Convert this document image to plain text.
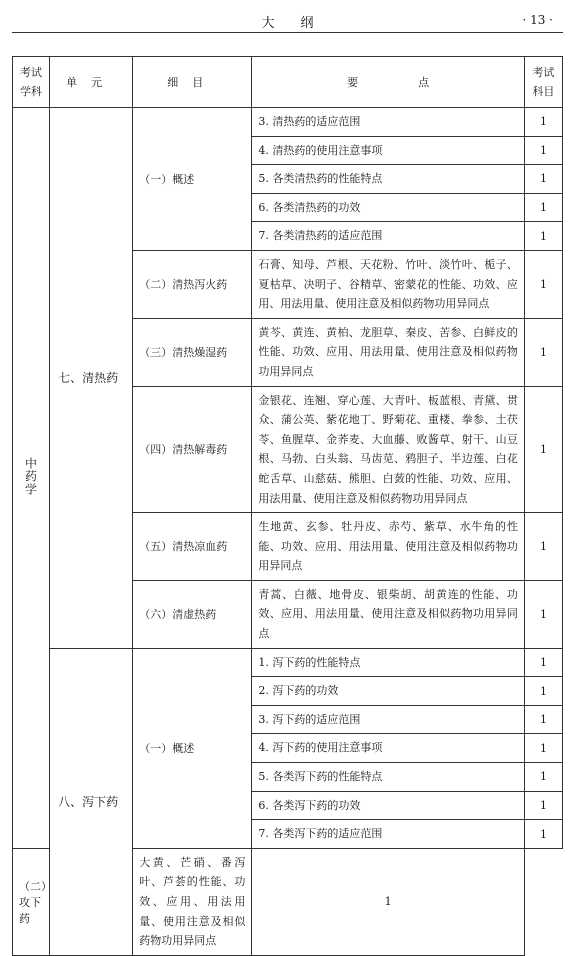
大纲	· 13 ·
考试学科	单元	细目	要点	考试科目
中药学	七、清热药	（一）概述	3. 清热药的适应范围	1
			4. 清热药的使用注意事项	1
			5. 各类清热药的性能特点	1
			6. 各类清热药的功效	1
			7. 各类清热药的适应范围	1
		（二）清热泻火药	石膏、知母、芦根、天花粉、竹叶、淡竹叶、栀子、夏枯草、决明子、谷精草、密蒙花的性能、功效、应用、用法用量、使用注意及相似药物功用异同点	1
		（三）清热燥湿药	黄芩、黄连、黄柏、龙胆草、秦皮、苦参、白鲜皮的性能、功效、应用、用法用量、使用注意及相似药物功用异同点	1
		（四）清热解毒药	金银花、连翘、穿心莲、大青叶、板蓝根、青黛、贯众、蒲公英、紫花地丁、野菊花、重楼、拳参、土茯苓、鱼腥草、金荞麦、大血藤、败酱草、射干、山豆根、马勃、白头翁、马齿苋、鸦胆子、半边莲、白花蛇舌草、山慈菇、熊胆、白蔹的性能、功效、应用、用法用量、使用注意及相似药物功用异同点	1
		（五）清热凉血药	生地黄、玄参、牡丹皮、赤芍、紫草、水牛角的性能、功效、应用、用法用量、使用注意及相似药物功用异同点	1
		（六）清虚热药	青蒿、白薇、地骨皮、银柴胡、胡黄连的性能、功效、应用、用法用量、使用注意及相似药物功用异同点	1
	八、泻下药	（一）概述	1. 泻下药的性能特点	1
			2. 泻下药的功效	1
			3. 泻下药的适应范围	1
			4. 泻下药的使用注意事项	1
			5. 各类泻下药的性能特点	1
			6. 各类泻下药的功效	1
			7. 各类泻下药的适应范围	1
（二）攻下药		大黄、芒硝、番泻叶、芦荟的性能、功效、应用、用法用量、使用注意及相似药物功用异同点	1	
